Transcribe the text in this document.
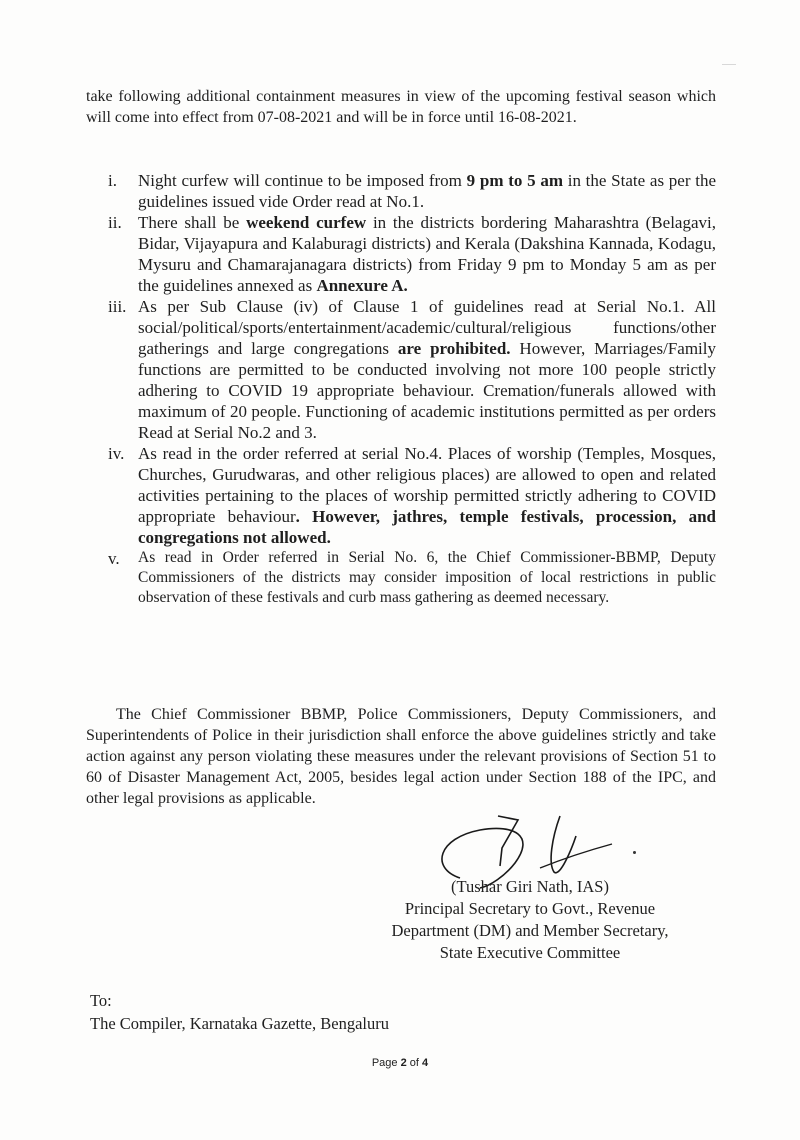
take following additional containment measures in view of the upcoming festival season which will come into effect from 07-08-2021 and will be in force until 16-08-2021.

i.	Night curfew will continue to be imposed from 9 pm to 5 am in the State as per the guidelines issued vide Order read at No.1.
ii. There shall be weekend curfew in the districts bordering Maharashtra (Belagavi, Bidar, Vijayapura and Kalaburagi districts) and Kerala (Dakshina Kannada, Kodagu, Mysuru and Chamarajanagara districts) from Friday 9 pm to Monday 5 am as per the guidelines annexed as Annexure A.
iii. As per Sub Clause (iv) of Clause 1 of guidelines read at Serial No.1. All social/political/sports/entertainment/academic/cultural/religious functions/other gatherings and large congregations are prohibited. However, Marriages/Family functions are permitted to be conducted involving not more 100 people strictly adhering to COVID 19 appropriate behaviour. Cremation/funerals allowed with maximum of 20 people. Functioning of academic institutions permitted as per orders Read at Serial No.2 and 3.
iv. As read in the order referred at serial No.4. Places of worship (Temples, Mosques, Churches, Gurudwaras, and other religious places) are allowed to open and related activities pertaining to the places of worship permitted strictly adhering to COVID appropriate behaviour. However, jathres, temple festivals, procession, and congregations not allowed.
v.	As read in Order referred in Serial No. 6, the Chief Commissioner-BBMP, Deputy Commissioners of the districts may consider imposition of local restrictions in public observation of these festivals and curb mass gathering as deemed necessary.

The Chief Commissioner BBMP, Police Commissioners, Deputy Commissioners, and Superintendents of Police in their jurisdiction shall enforce the above guidelines strictly and take action against any person violating these measures under the relevant provisions of Section 51 to 60 of Disaster Management Act, 2005, besides legal action under Section 188 of the IPC, and other legal provisions as applicable.

(Tushar Giri Nath, IAS)
Principal Secretary to Govt., Revenue
Department (DM) and Member Secretary,
State Executive Committee
To:
The Compiler, Karnataka Gazette, Bengaluru
Page 2 of 4
